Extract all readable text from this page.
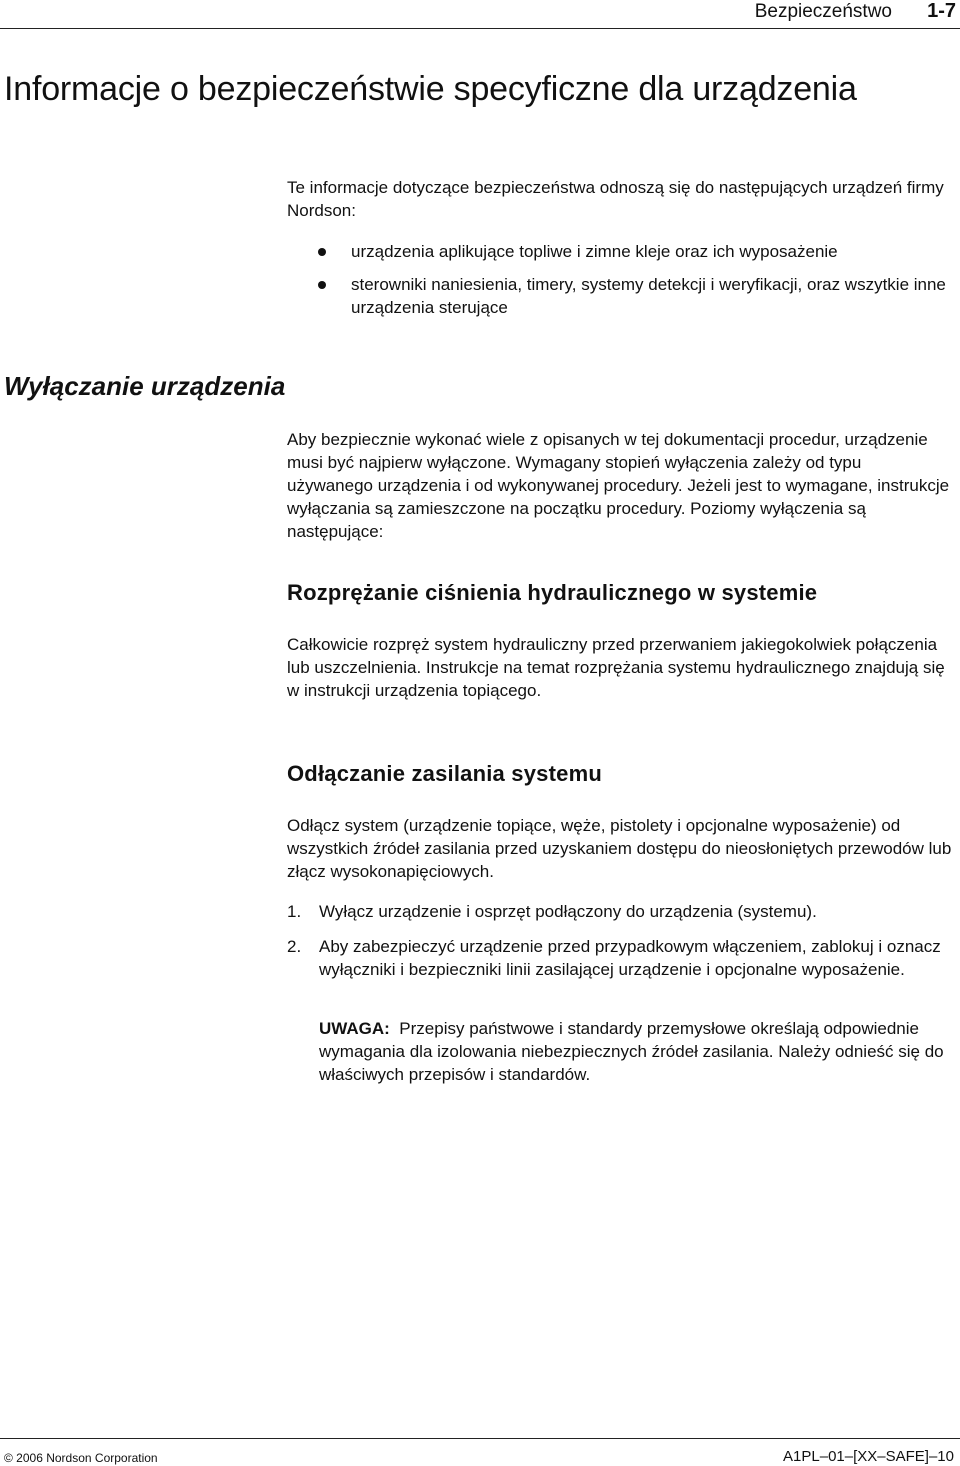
Bezpieczeństwo 1-7
Informacje o bezpieczeństwie specyficzne dla urządzenia

Te informacje dotyczące bezpieczeństwa odnoszą się do następujących urządzeń firmy Nordson:

urządzenia aplikujące topliwe i zimne kleje oraz ich wyposażenie
sterowniki naniesienia, timery, systemy detekcji i weryfikacji, oraz wszytkie inne urządzenia sterujące
Wyłączanie urządzenia

Aby bezpiecznie wykonać wiele z opisanych w tej dokumentacji procedur, urządzenie musi być najpierw wyłączone. Wymagany stopień wyłączenia zależy od typu używanego urządzenia i od wykonywanej procedury. Jeżeli jest to wymagane, instrukcje wyłączania są zamieszczone na początku procedury. Poziomy wyłączenia są następujące:

Rozprężanie ciśnienia hydraulicznego w systemie

Całkowicie rozpręż system hydrauliczny przed przerwaniem jakiegokolwiek połączenia lub uszczelnienia. Instrukcje na temat rozprężania systemu hydraulicznego znajdują się w instrukcji urządzenia topiącego.

Odłączanie zasilania systemu

Odłącz system (urządzenie topiące, węże, pistolety i opcjonalne wyposażenie) od wszystkich źródeł zasilania przed uzyskaniem dostępu do nieosłoniętych przewodów lub złącz wysokonapięciowych.

1. Wyłącz urządzenie i osprzęt podłączony do urządzenia (systemu).
2. Aby zabezpieczyć urządzenie przed przypadkowym włączeniem, zablokuj i oznacz wyłączniki i bezpieczniki linii zasilającej urządzenie i opcjonalne wyposażenie.

UWAGA: Przepisy państwowe i standardy przemysłowe określają odpowiednie wymagania dla izolowania niebezpiecznych źródeł zasilania. Należy odnieść się do właściwych przepisów i standardów.

© 2006 Nordson Corporation	A1PL–01–[XX–SAFE]–10
